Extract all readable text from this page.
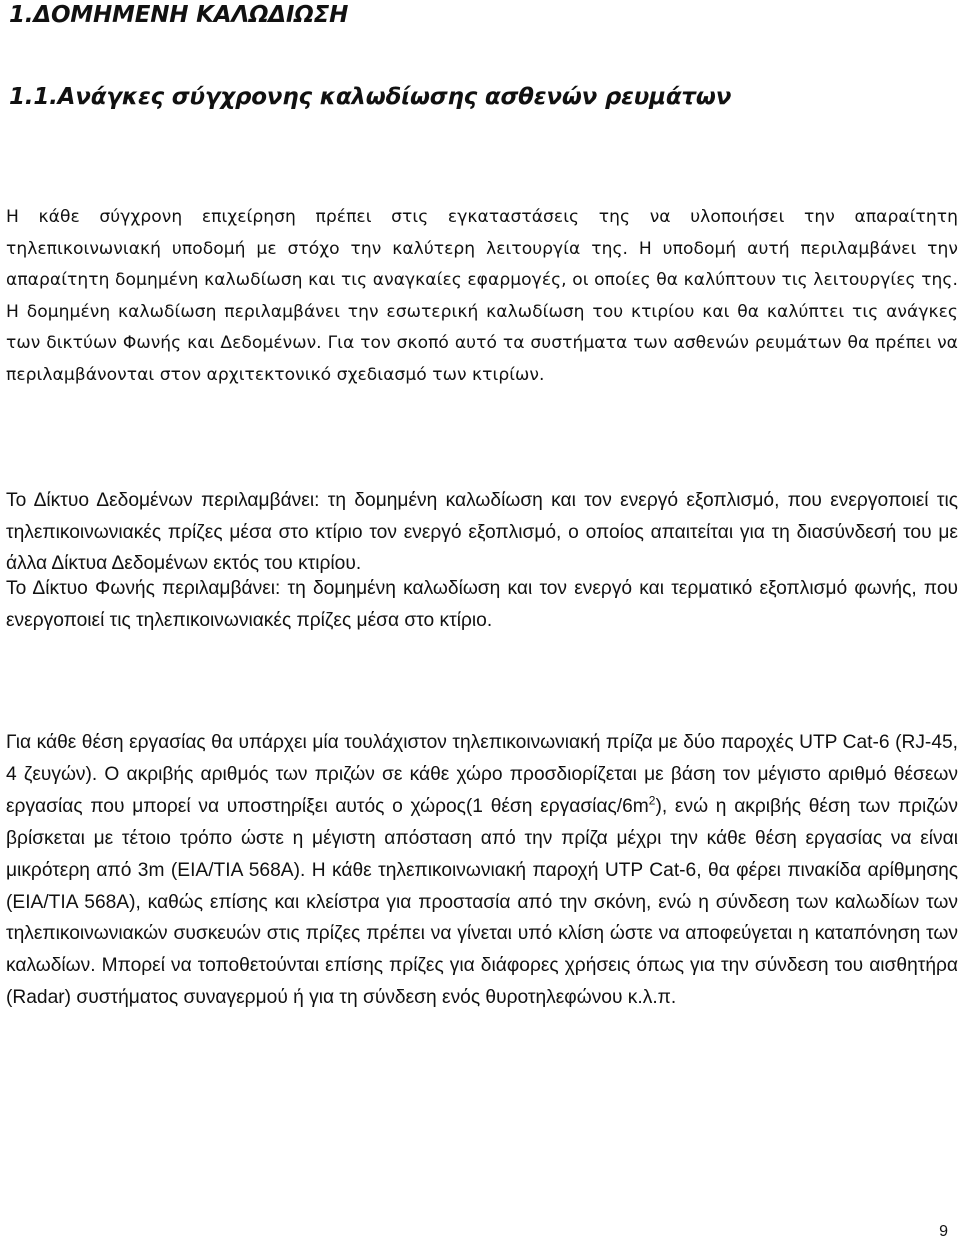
1.ΔΟΜΗΜΕΝΗ ΚΑΛΩΔΙΩΣΗ
1.1.Ανάγκες σύγχρονης καλωδίωσης ασθενών ρευμάτων

Η κάθε σύγχρονη επιχείρηση πρέπει στις εγκαταστάσεις της να υλοποιήσει την απαραίτητη τηλεπικοινωνιακή υποδομή με στόχο την καλύτερη λειτουργία της. Η υποδομή αυτή περιλαμβάνει την απαραίτητη δομημένη καλωδίωση και τις αναγκαίες εφαρμογές, οι οποίες θα καλύπτουν τις λειτουργίες της. Η δομημένη καλωδίωση περιλαμβάνει την εσωτερική καλωδίωση του κτιρίου και θα καλύπτει τις ανάγκες των δικτύων Φωνής και Δεδομένων. Για τον σκοπό αυτό τα συστήματα των ασθενών ρευμάτων θα πρέπει να περιλαμβάνονται στον αρχιτεκτονικό σχεδιασμό των κτιρίων.

Το Δίκτυο Δεδομένων περιλαμβάνει: τη δομημένη καλωδίωση και τον ενεργό εξοπλισμό, που ενεργοποιεί τις τηλεπικοινωνιακές πρίζες μέσα στο κτίριο τον ενεργό εξοπλισμό, ο οποίος απαιτείται για τη διασύνδεσή του με άλλα Δίκτυα Δεδομένων εκτός του κτιρίου.

Το Δίκτυο Φωνής περιλαμβάνει: τη δομημένη καλωδίωση και τον ενεργό και τερματικό εξοπλισμό φωνής, που ενεργοποιεί τις τηλεπικοινωνιακές πρίζες μέσα στο κτίριο.

Για κάθε θέση εργασίας θα υπάρχει μία τουλάχιστον τηλεπικοινωνιακή πρίζα με δύο παροχές UTP Cat-6 (RJ-45, 4 ζευγών). Ο ακριβής αριθμός των πριζών σε κάθε χώρο προσδιορίζεται με βάση τον μέγιστο αριθμό θέσεων εργασίας που μπορεί να υποστηρίξει αυτός ο χώρος(1 θέση εργασίας/$6m^2$), ενώ η ακριβής θέση των πριζών βρίσκεται με τέτοιο τρόπο ώστε η μέγιστη απόσταση από την πρίζα μέχρι την κάθε θέση εργασίας να είναι μικρότερη από 3m (EIA/TIA 568A). Η κάθε τηλεπικοινωνιακή παροχή UTP Cat-6, θα φέρει πινακίδα αρίθμησης (EIA/TIA 568A), καθώς επίσης και κλείστρα για προστασία από την σκόνη, ενώ η σύνδεση των καλωδίων των τηλεπικοινωνιακών συσκευών στις πρίζες πρέπει να γίνεται υπό κλίση ώστε να αποφεύγεται η καταπόνηση των καλωδίων. Μπορεί να τοποθετούνται επίσης πρίζες για διάφορες χρήσεις όπως για την σύνδεση του αισθητήρα (Radar) συστήματος συναγερμού ή για τη σύνδεση ενός θυροτηλεφώνου κ.λ.π.

9
